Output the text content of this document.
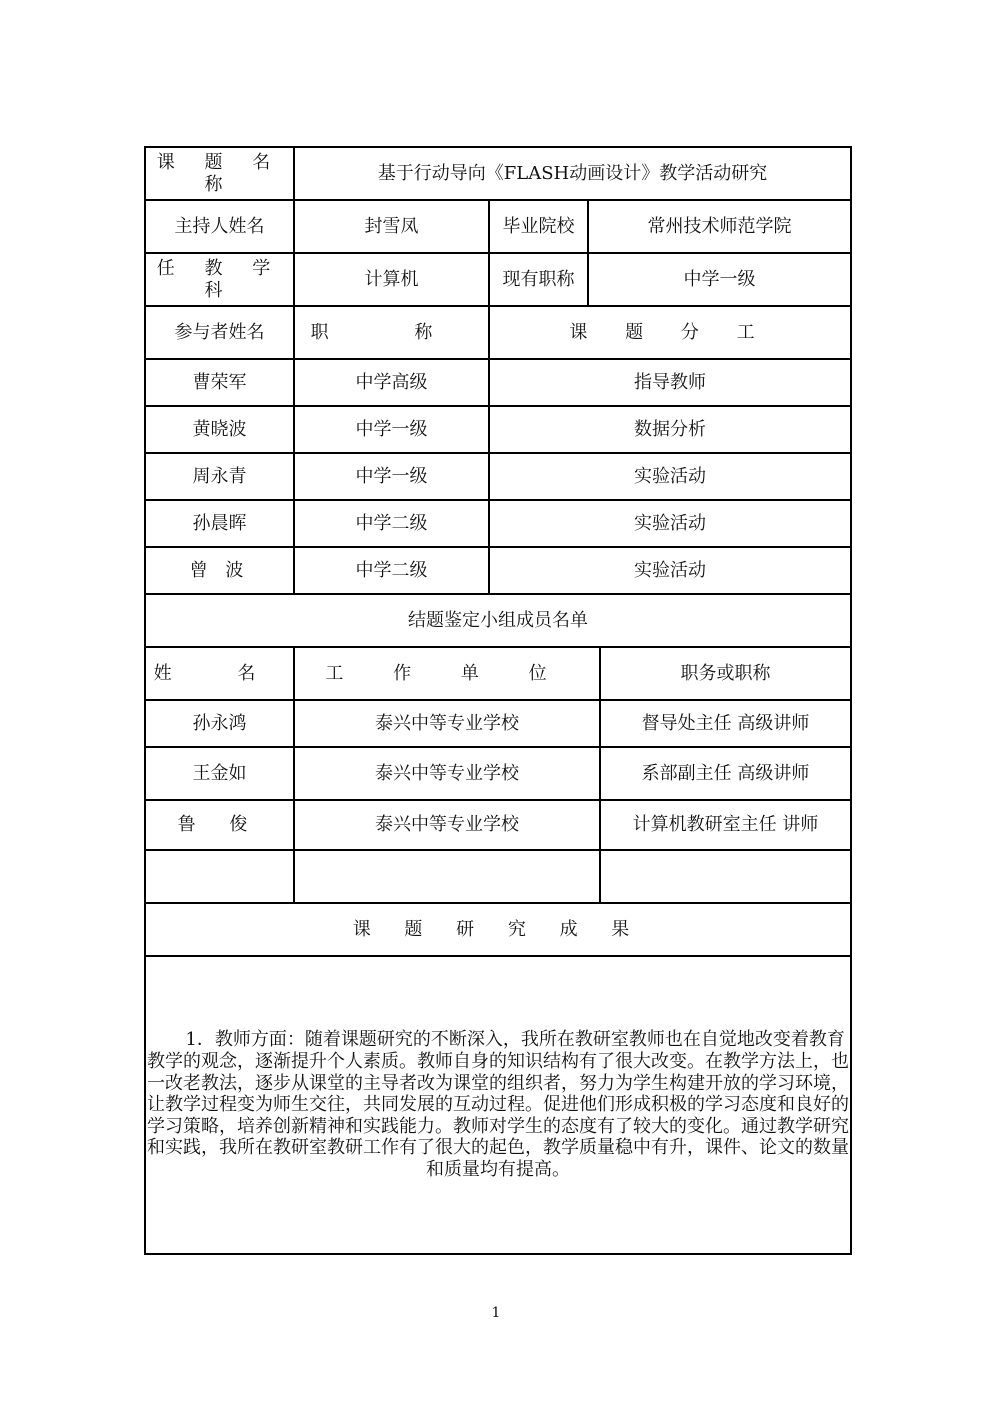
课 题 名 称	基于行动导向《FLASH动画设计》教学活动研究			
主持人姓名	封雪凤	毕业院校	常州技术师范学院	
任 教 学 科	计算机	现有职称	中学一级	
参与者姓名	职 称	课 题 分 工		
曹荣军	中学高级	指导教师		
黄晓波	中学一级	数据分析		
周永青	中学一级	实验活动		
孙晨晖	中学二级	实验活动		
曾 波	中学二级	实验活动		
结题鉴定小组成员名单				
姓 名	工 作 单 位			职务或职称
孙永鸿	泰兴中等专业学校			督导处主任 高级讲师
王金如	泰兴中等专业学校			系部副主任 高级讲师
鲁 俊	泰兴中等专业学校			计算机教研室主任 讲师

课 题 研 究 成 果				

1．教师方面：随着课题研究的不断深入，我所在教研室教师也在自觉地改变着教育教学的观念，逐渐提升个人素质。教师自身的知识结构有了很大改变。在教学方法上，也一改老教法，逐步从课堂的主导者改为课堂的组织者，努力为学生构建开放的学习环境，让教学过程变为师生交往，共同发展的互动过程。促进他们形成积极的学习态度和良好的学习策略，培养创新精神和实践能力。教师对学生的态度有了较大的变化。通过教学研究和实践，我所在教研室教研工作有了很大的起色，教学质量稳中有升，课件、论文的数量和质量均有提高。				

1
